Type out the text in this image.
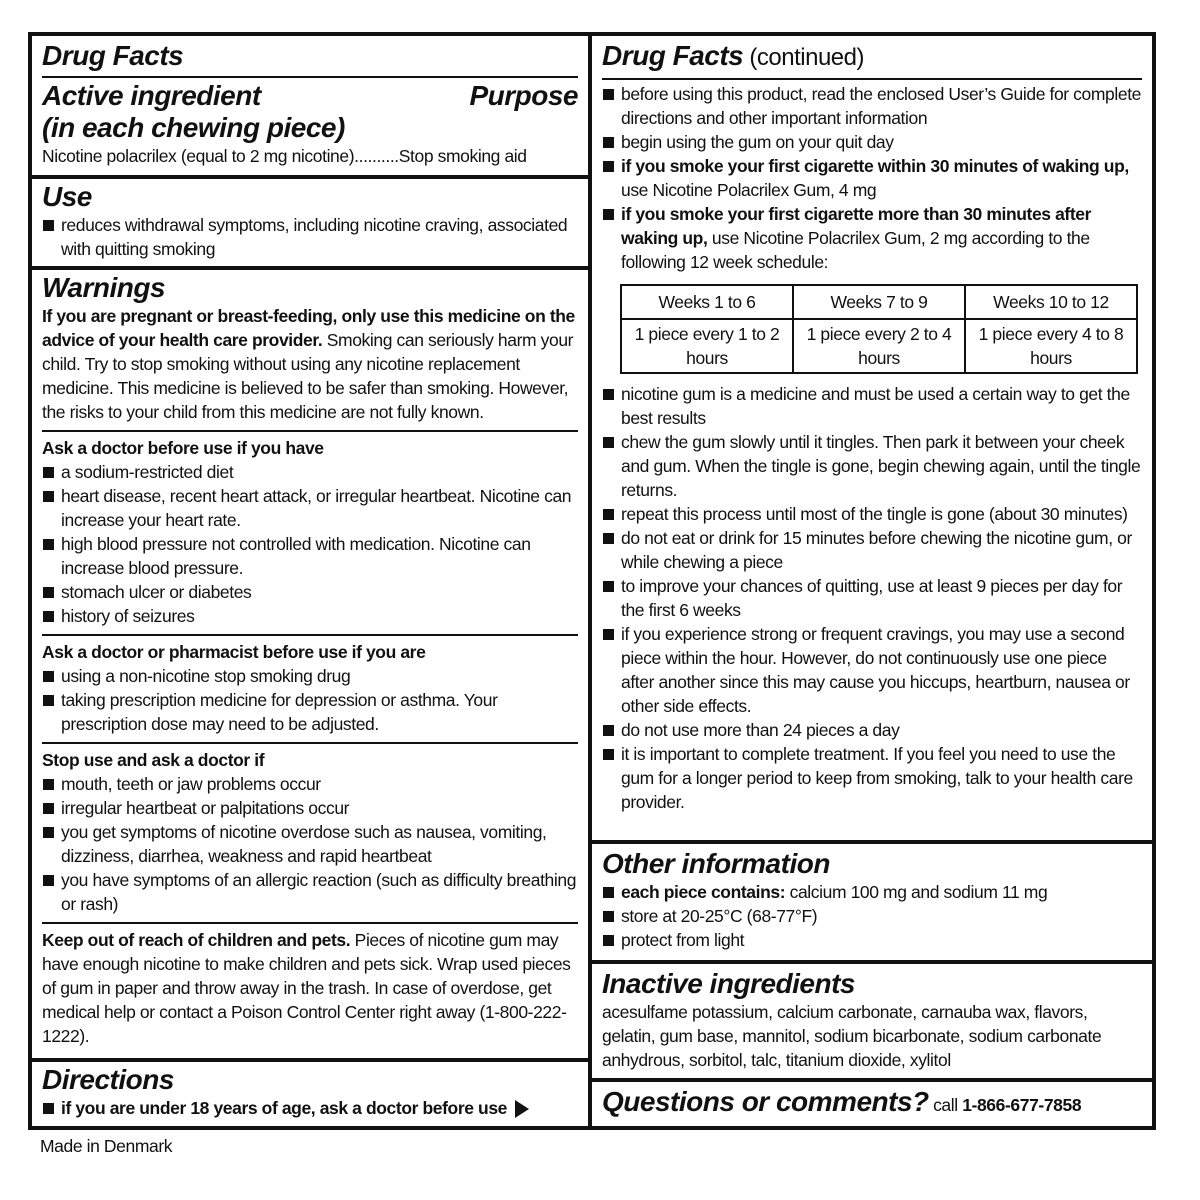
Drug Facts
Active ingredient
(in each chewing piece)
Purpose
Nicotine polacrilex (equal to 2 mg nicotine)..........Stop smoking aid
Use
reduces withdrawal symptoms, including nicotine craving, associated with quitting smoking
Warnings
If you are pregnant or breast-feeding, only use this medicine on the advice of your health care provider. Smoking can seriously harm your child. Try to stop smoking without using any nicotine replacement medicine. This medicine is believed to be safer than smoking. However, the risks to your child from this medicine are not fully known.
Ask a doctor before use if you have
a sodium-restricted diet
heart disease, recent heart attack, or irregular heartbeat. Nicotine can increase your heart rate.
high blood pressure not controlled with medication. Nicotine can increase blood pressure.
stomach ulcer or diabetes
history of seizures
Ask a doctor or pharmacist before use if you are
using a non-nicotine stop smoking drug
taking prescription medicine for depression or asthma. Your prescription dose may need to be adjusted.
Stop use and ask a doctor if
mouth, teeth or jaw problems occur
irregular heartbeat or palpitations occur
you get symptoms of nicotine overdose such as nausea, vomiting, dizziness, diarrhea, weakness and rapid heartbeat
you have symptoms of an allergic reaction (such as difficulty breathing or rash)
Keep out of reach of children and pets. Pieces of nicotine gum may have enough nicotine to make children and pets sick. Wrap used pieces of gum in paper and throw away in the trash. In case of overdose, get medical help or contact a Poison Control Center right away (1-800-222-1222).
Directions
if you are under 18 years of age, ask a doctor before use
Drug Facts (continued)
before using this product, read the enclosed User’s Guide for complete directions and other important information
begin using the gum on your quit day
if you smoke your first cigarette within 30 minutes of waking up, use Nicotine Polacrilex Gum, 4 mg
if you smoke your first cigarette more than 30 minutes after waking up, use Nicotine Polacrilex Gum, 2 mg according to the following 12 week schedule:
Weeks 1 to 6	Weeks 7 to 9	Weeks 10 to 12
1 piece every 1 to 2 hours	1 piece every 2 to 4 hours	1 piece every 4 to 8 hours
nicotine gum is a medicine and must be used a certain way to get the best results
chew the gum slowly until it tingles. Then park it between your cheek and gum. When the tingle is gone, begin chewing again, until the tingle returns.
repeat this process until most of the tingle is gone (about 30 minutes)
do not eat or drink for 15 minutes before chewing the nicotine gum, or while chewing a piece
to improve your chances of quitting, use at least 9 pieces per day for the first 6 weeks
if you experience strong or frequent cravings, you may use a second piece within the hour. However, do not continuously use one piece after another since this may cause you hiccups, heartburn, nausea or other side effects.
do not use more than 24 pieces a day
it is important to complete treatment. If you feel you need to use the gum for a longer period to keep from smoking, talk to your health care provider.
Other information
each piece contains: calcium 100 mg and sodium 11 mg
store at 20-25°C (68-77°F)
protect from light
Inactive ingredients
acesulfame potassium, calcium carbonate, carnauba wax, flavors, gelatin, gum base, mannitol, sodium bicarbonate, sodium carbonate anhydrous, sorbitol, talc, titanium dioxide, xylitol
Questions or comments? call 1-866-677-7858
Made in Denmark
